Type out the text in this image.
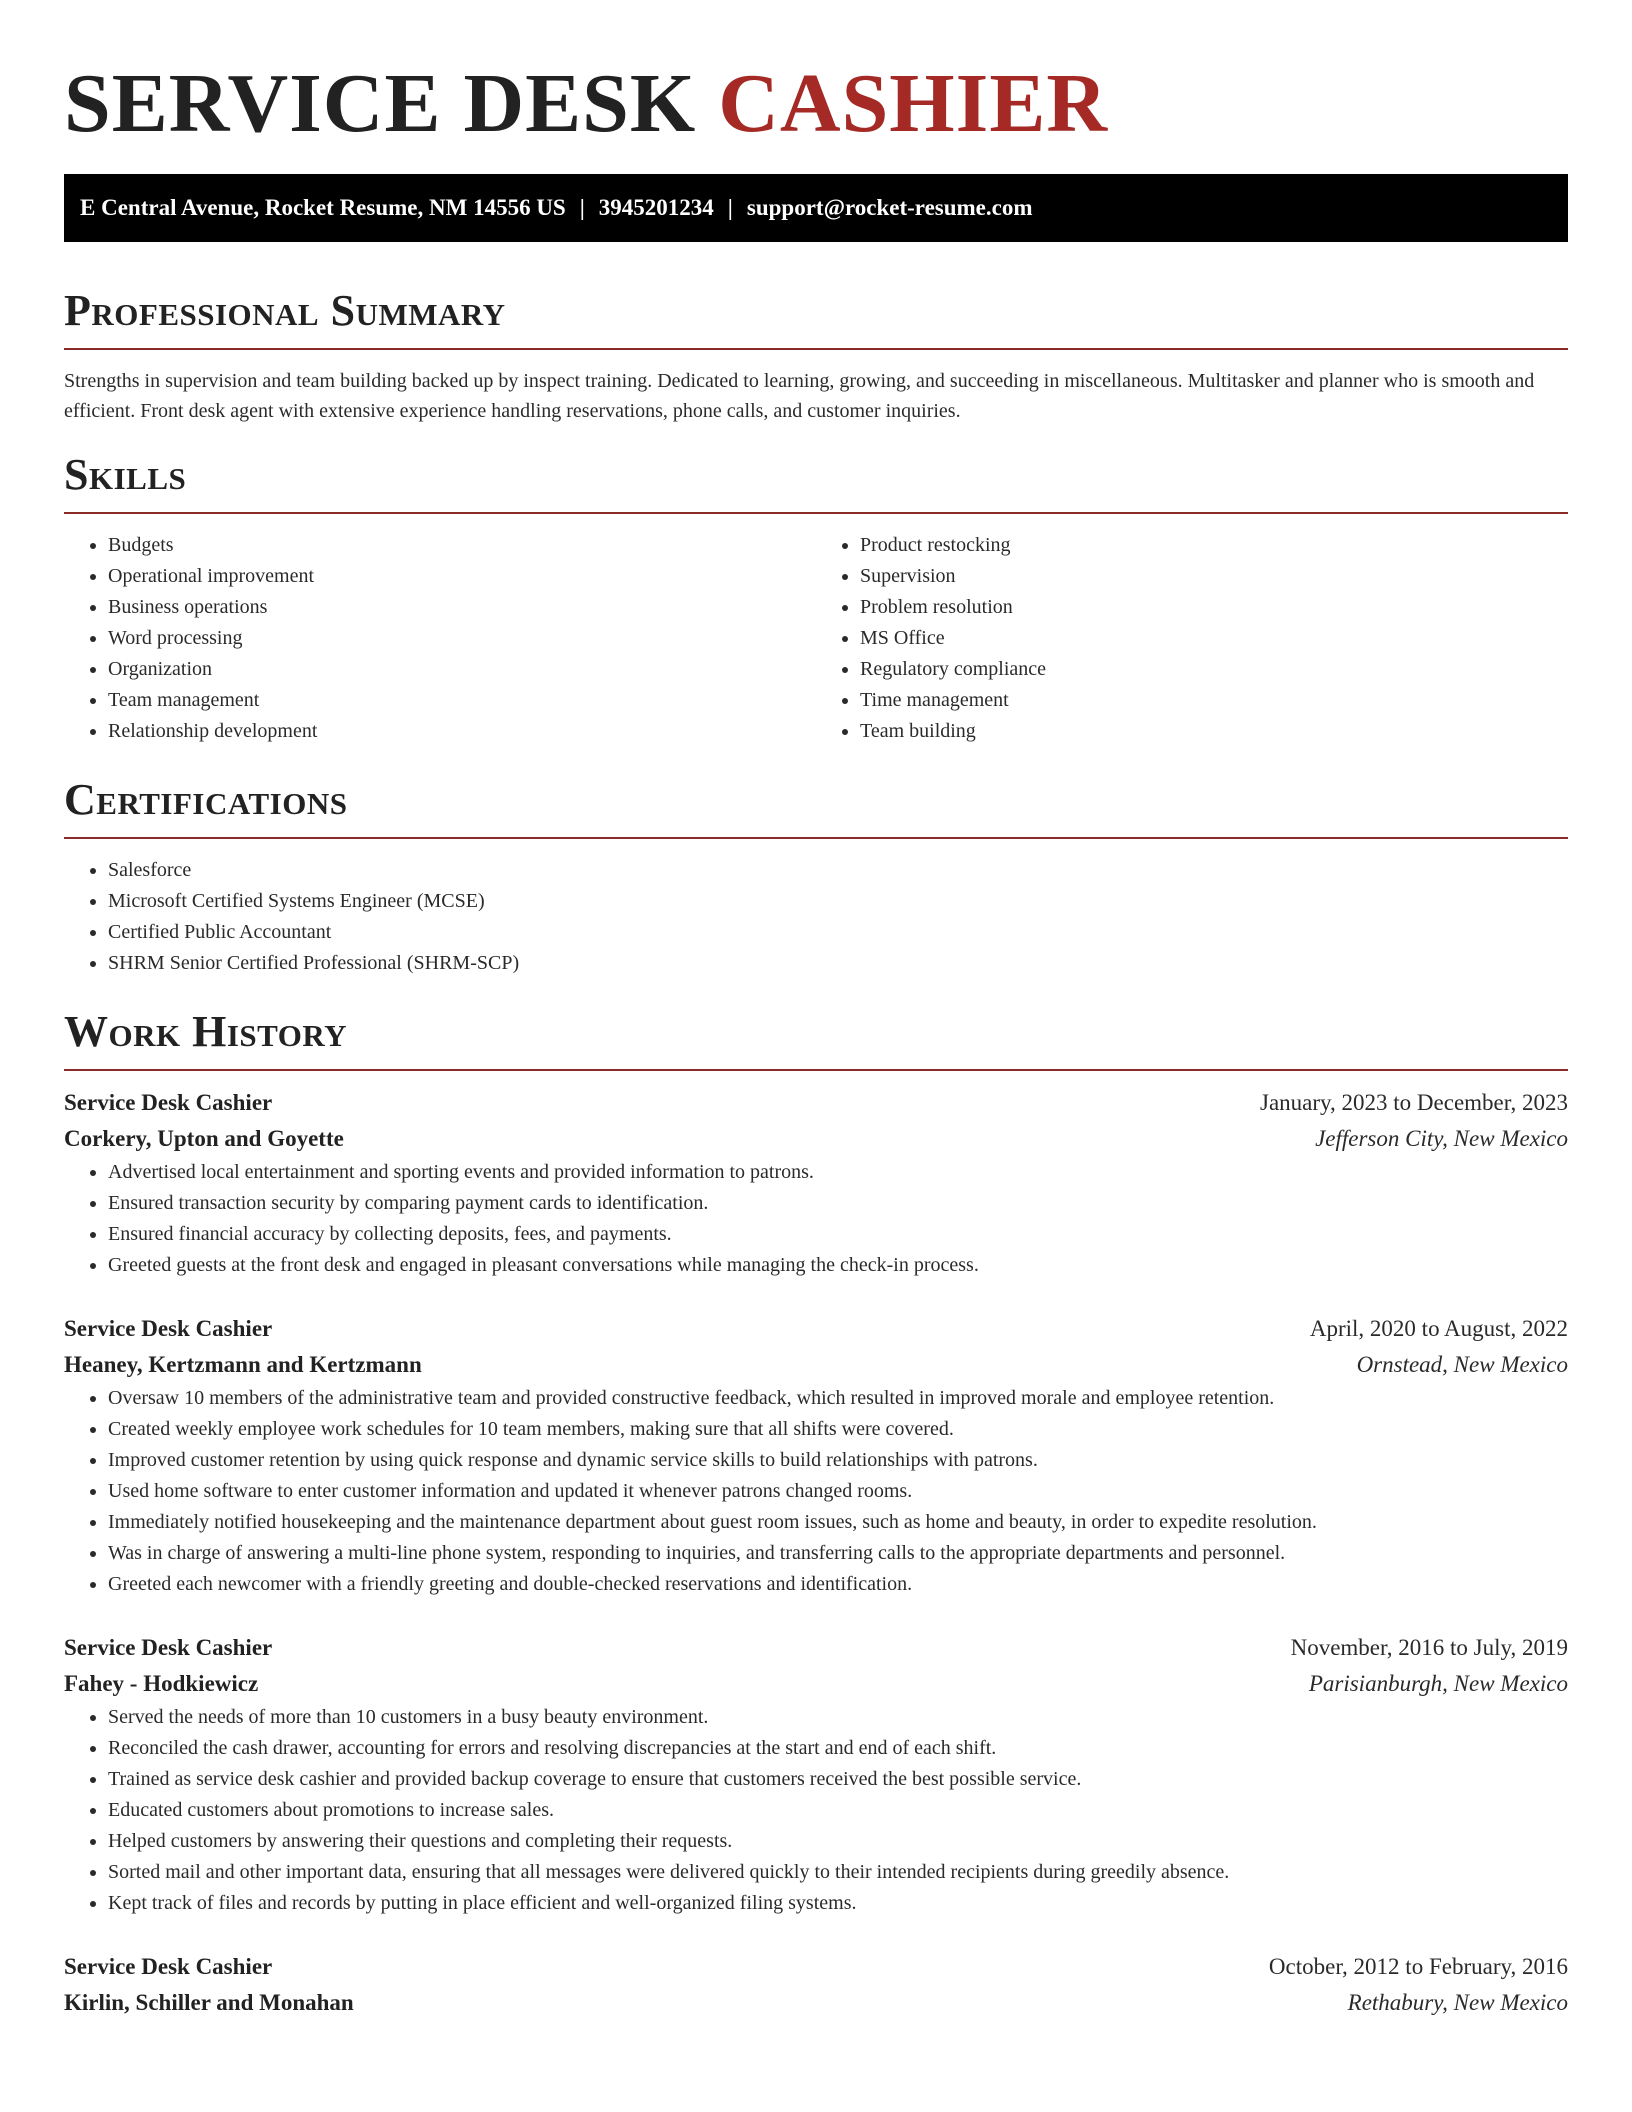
SERVICE DESK CASHIER
E Central Avenue, Rocket Resume, NM 14556 US | 3945201234 | support@rocket-resume.com
Professional Summary

Strengths in supervision and team building backed up by inspect training. Dedicated to learning, growing, and succeeding in miscellaneous. Multitasker and planner who is smooth and efficient. Front desk agent with extensive experience handling reservations, phone calls, and customer inquiries.

Skills
• Budgets
• Operational improvement
• Business operations
• Word processing
• Organization
• Team management
• Relationship development
• Product restocking
• Supervision
• Problem resolution
• MS Office
• Regulatory compliance
• Time management
• Team building
Certifications
• Salesforce
• Microsoft Certified Systems Engineer (MCSE)
• Certified Public Accountant
• SHRM Senior Certified Professional (SHRM-SCP)
Work History
Service Desk Cashier	January, 2023 to December, 2023
Corkery, Upton and Goyette	Jefferson City, New Mexico
• Advertised local entertainment and sporting events and provided information to patrons.
• Ensured transaction security by comparing payment cards to identification.
• Ensured financial accuracy by collecting deposits, fees, and payments.
• Greeted guests at the front desk and engaged in pleasant conversations while managing the check-in process.
Service Desk Cashier	April, 2020 to August, 2022
Heaney, Kertzmann and Kertzmann	Ornstead, New Mexico
• Oversaw 10 members of the administrative team and provided constructive feedback, which resulted in improved morale and employee retention.
• Created weekly employee work schedules for 10 team members, making sure that all shifts were covered.
• Improved customer retention by using quick response and dynamic service skills to build relationships with patrons.
• Used home software to enter customer information and updated it whenever patrons changed rooms.
• Immediately notified housekeeping and the maintenance department about guest room issues, such as home and beauty, in order to expedite resolution.
• Was in charge of answering a multi-line phone system, responding to inquiries, and transferring calls to the appropriate departments and personnel.
• Greeted each newcomer with a friendly greeting and double-checked reservations and identification.
Service Desk Cashier	November, 2016 to July, 2019
Fahey - Hodkiewicz	Parisianburgh, New Mexico
• Served the needs of more than 10 customers in a busy beauty environment.
• Reconciled the cash drawer, accounting for errors and resolving discrepancies at the start and end of each shift.
• Trained as service desk cashier and provided backup coverage to ensure that customers received the best possible service.
• Educated customers about promotions to increase sales.
• Helped customers by answering their questions and completing their requests.
• Sorted mail and other important data, ensuring that all messages were delivered quickly to their intended recipients during greedily absence.
• Kept track of files and records by putting in place efficient and well-organized filing systems.
Service Desk Cashier	October, 2012 to February, 2016
Kirlin, Schiller and Monahan	Rethabury, New Mexico
